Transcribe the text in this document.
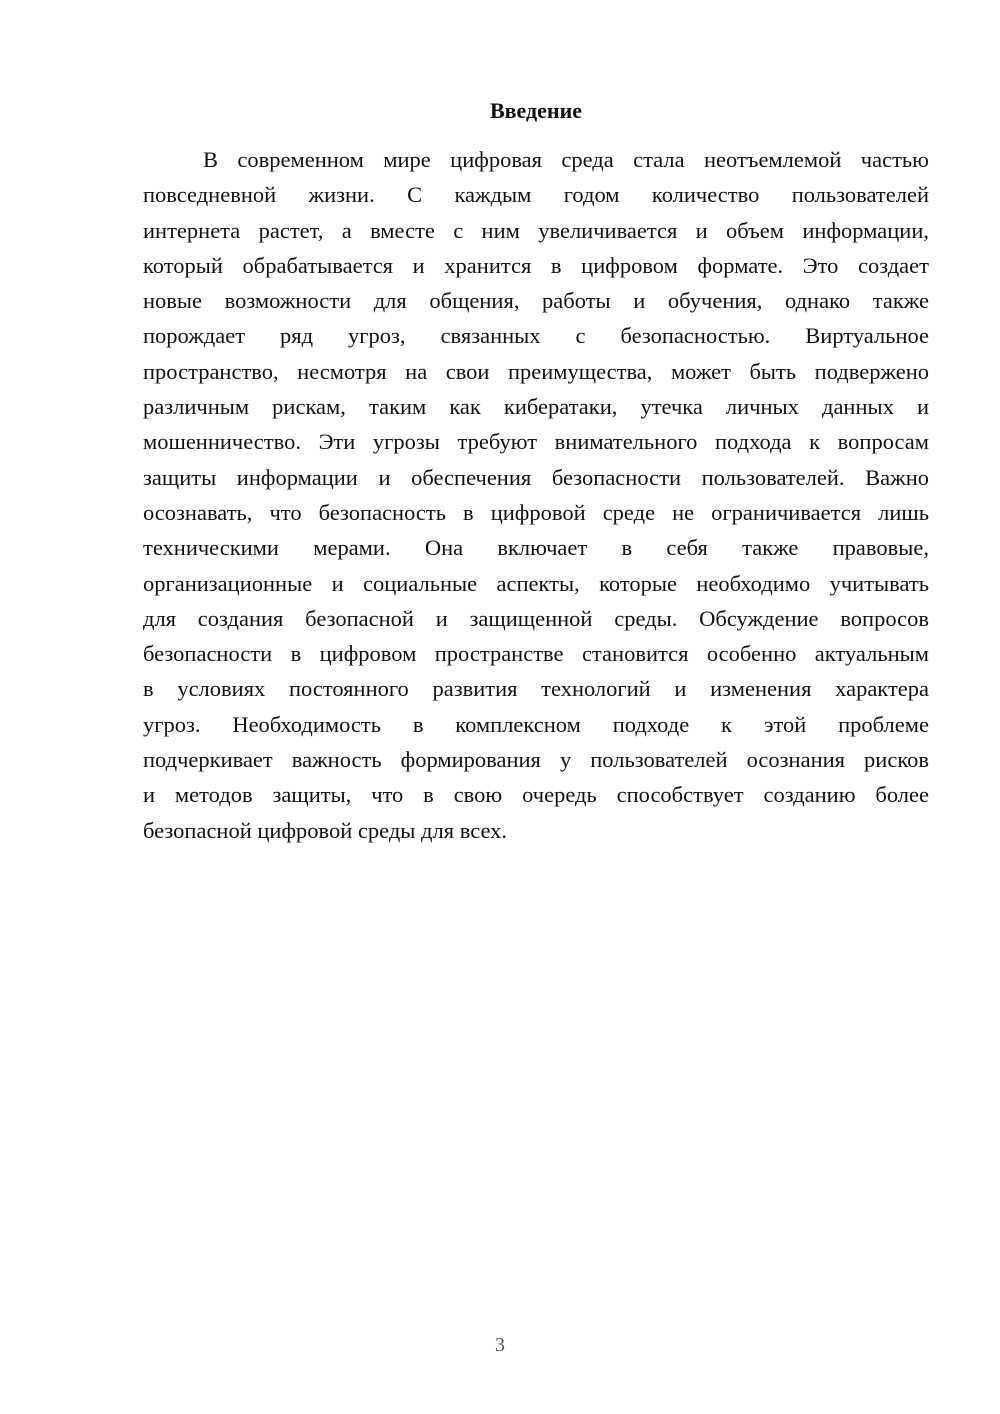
Введение
В современном мире цифровая среда стала неотъемлемой частью
повседневной жизни. С каждым годом количество пользователей
интернета растет, а вместе с ним увеличивается и объем информации,
который обрабатывается и хранится в цифровом формате. Это создает
новые возможности для общения, работы и обучения, однако также
порождает ряд угроз, связанных с безопасностью. Виртуальное
пространство, несмотря на свои преимущества, может быть подвержено
различным рискам, таким как кибератаки, утечка личных данных и
мошенничество. Эти угрозы требуют внимательного подхода к вопросам
защиты информации и обеспечения безопасности пользователей. Важно
осознавать, что безопасность в цифровой среде не ограничивается лишь
техническими мерами. Она включает в себя также правовые,
организационные и социальные аспекты, которые необходимо учитывать
для создания безопасной и защищенной среды. Обсуждение вопросов
безопасности в цифровом пространстве становится особенно актуальным
в условиях постоянного развития технологий и изменения характера
угроз. Необходимость в комплексном подходе к этой проблеме
подчеркивает важность формирования у пользователей осознания рисков
и методов защиты, что в свою очередь способствует созданию более
безопасной цифровой среды для всех.
3
